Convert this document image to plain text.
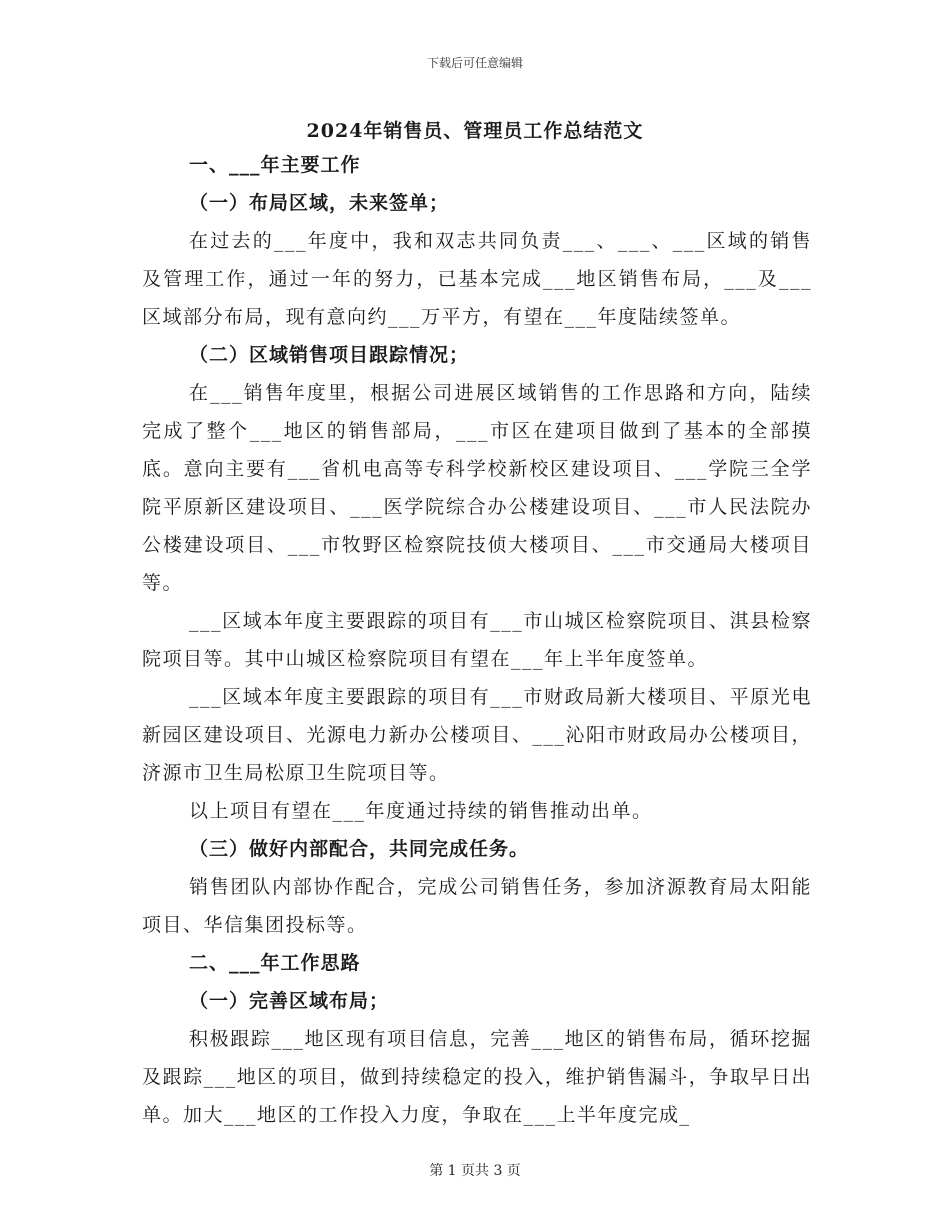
下载后可任意编辑
2024年销售员、管理员工作总结范文
一、___年主要工作
（一）布局区域，未来签单；

在过去的___年度中，我和双志共同负责___、___、___区域的销售及管理工作，通过一年的努力，已基本完成___地区销售布局，___及___区域部分布局，现有意向约___万平方，有望在___年度陆续签单。

（二）区域销售项目跟踪情况；

在___销售年度里，根据公司进展区域销售的工作思路和方向，陆续完成了整个___地区的销售部局，___市区在建项目做到了基本的全部摸底。意向主要有___省机电高等专科学校新校区建设项目、___学院三全学院平原新区建设项目、___医学院综合办公楼建设项目、___市人民法院办公楼建设项目、___市牧野区检察院技侦大楼项目、___市交通局大楼项目等。

___区域本年度主要跟踪的项目有___市山城区检察院项目、淇县检察院项目等。其中山城区检察院项目有望在___年上半年度签单。

___区域本年度主要跟踪的项目有___市财政局新大楼项目、平原光电新园区建设项目、光源电力新办公楼项目、___沁阳市财政局办公楼项目，济源市卫生局松原卫生院项目等。

以上项目有望在___年度通过持续的销售推动出单。

（三）做好内部配合，共同完成任务。

销售团队内部协作配合，完成公司销售任务，参加济源教育局太阳能项目、华信集团投标等。

二、___年工作思路
（一）完善区域布局；

积极跟踪___地区现有项目信息，完善___地区的销售布局，循环挖掘及跟踪___地区的项目，做到持续稳定的投入，维护销售漏斗，争取早日出单。加大___地区的工作投入力度，争取在___上半年度完成_

第 1 页共 3 页
